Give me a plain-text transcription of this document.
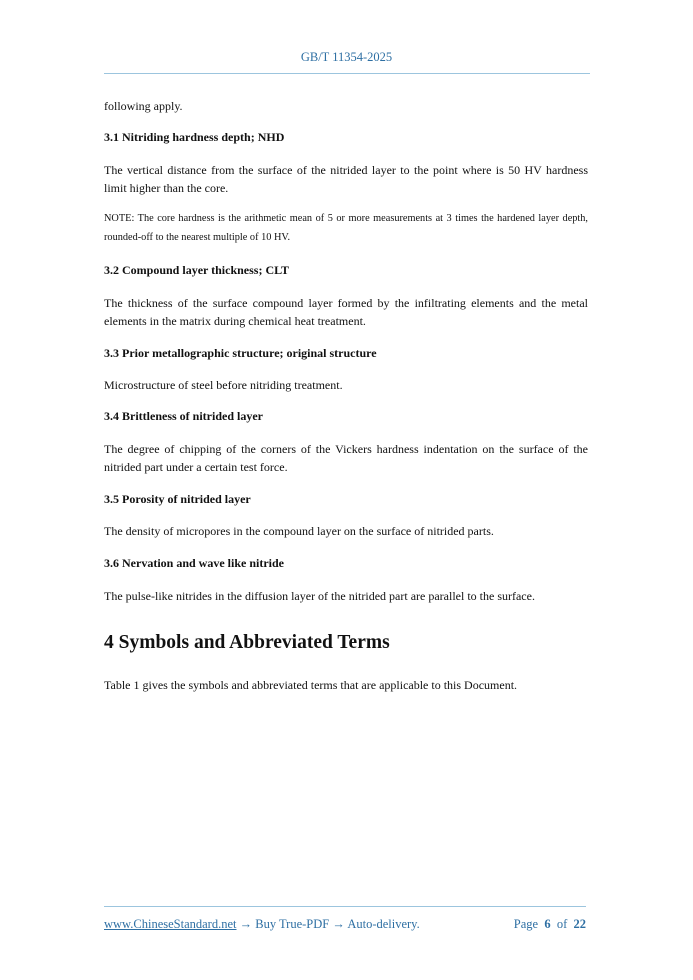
GB/T 11354-2025
following apply.
3.1 Nitriding hardness depth; NHD
The vertical distance from the surface of the nitrided layer to the point where is 50 HV hardness limit higher than the core.
NOTE: The core hardness is the arithmetic mean of 5 or more measurements at 3 times the hardened layer depth, rounded-off to the nearest multiple of 10 HV.
3.2 Compound layer thickness; CLT
The thickness of the surface compound layer formed by the infiltrating elements and the metal elements in the matrix during chemical heat treatment.
3.3 Prior metallographic structure; original structure
Microstructure of steel before nitriding treatment.
3.4 Brittleness of nitrided layer
The degree of chipping of the corners of the Vickers hardness indentation on the surface of the nitrided part under a certain test force.
3.5 Porosity of nitrided layer
The density of micropores in the compound layer on the surface of nitrided parts.
3.6 Nervation and wave like nitride
The pulse-like nitrides in the diffusion layer of the nitrided part are parallel to the surface.
4 Symbols and Abbreviated Terms
Table 1 gives the symbols and abbreviated terms that are applicable to this Document.
www.ChineseStandard.net → Buy True-PDF → Auto-delivery.	Page 6 of 22
